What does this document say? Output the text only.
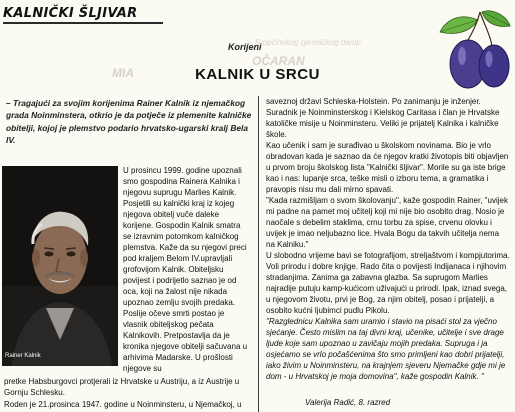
KALNIČKI ŠLJIVAR
S općinskog pjesničkog damp
OČARAN
MIA
Korijeni
KALNIK U SRCU
– Tragajući za svojim korijenima Rainer Kalnik iz njemačkog grada Noinminstera, otkrio je da potječe iz plemenite kalničke obitelji, kojoj je plemstvo podario hrvatsko-ugarski kralj Bela IV.
Rainer Kalnik
U prosincu 1999. godine upoznali smo gospodina Rainera Kalnika i njegovu suprugu Marlies Kalnik. Posjetili su kalnički kraj iz kojeg njegova obitelj vuče daleke korijene. Gospodin Kalnik smatra se izravnim potomkom kalničkog plemstva. Kaže da su njegovi preci pod kraljem Belom IV.upravljali grofovijom Kalnik. Obiteljsku povijest i podrijetlo saznao je od oca, koji na žalost nije nikada upoznao zemlju svojih predaka. Poslije očeve smrti postao je vlasnik obiteljskog pečata Kalnikovih. Pretpostavlja da je kronika njegove obitelji sačuvana u arhivima Madarske. U prošlosti njegove su
pretke Habsburgovci protjerali iz Hrvatske u Austriju, a iz Austrije u Gornju Schlesku.
Roden je 21.prosinca 1947. godine u Noinminsteru, u Njemačkoj, u

saveznoj državi Schleska-Holstein. Po zanimanju je inženjer. Suradnik je Noinminsterskog i Kielskog Caritasa i član je Hrvatske katoličke misije u Noinminsteru. Veliki je prijatelj Kalnika i kalničke škole.

Kao učenik i sam je surađivao u školskom novinama. Bio je vrlo obradovan kada je saznao da će njegov kratki životopis biti objavljen u prvom broju školskog lista "Kalnički šljivar". Morile su ga iste brige kao i nas: lupanje srca, teške misli o izboru tema, a gramatika i pravopis nisu mu dali mirno spavati.

"Kada razmišljam o svom školovanju", kaže gospodin Rainer, "uvijek mi padne na pamet moj učitelj koji mi nije bio osobito drag. Nosio je naočale s debelim staklima, crnu torbu za spise, crvenu olovku i uvijek je imao neljubazno lice. Hvala Bogu da takvih učitelja nema na Kalniku."

U slobodno vrijeme bavi se fotografijom, streljaštvom i kompjutorima. Voli prirodu i dobre knjige. Rado čita o povijesti Indijanaca i njihovim stradanjima. Zanima ga zabavna glazba. Sa suprugom Marlies najradije putuju kamp-kućicom uživajući u prirodi. Ipak, iznad svega, u njegovom životu, prvi je Bog, za njim obitelj, posao i prijatelji, a osobito kućni ljubimci pudlu Pikolu.

"Razglednicu Kalnika sam uramio i stavio na pisaći stol za vječno sjećanje. Često mislim na taj divni kraj, učenike, učitelje i sve drage ljude koje sam upoznao u zavičaju mojih predaka. Supruga i ja osjećamo se vrlo počašćenima što smo primljeni kao dobri prijatelji, iako živim u Noinminsteru, na krajnjem sjeveru Njemačke gdje mi je dom - u Hrvatskoj je moja domovina", kaže gospodin Kalnik. "

Valerija Radić, 8. razred
